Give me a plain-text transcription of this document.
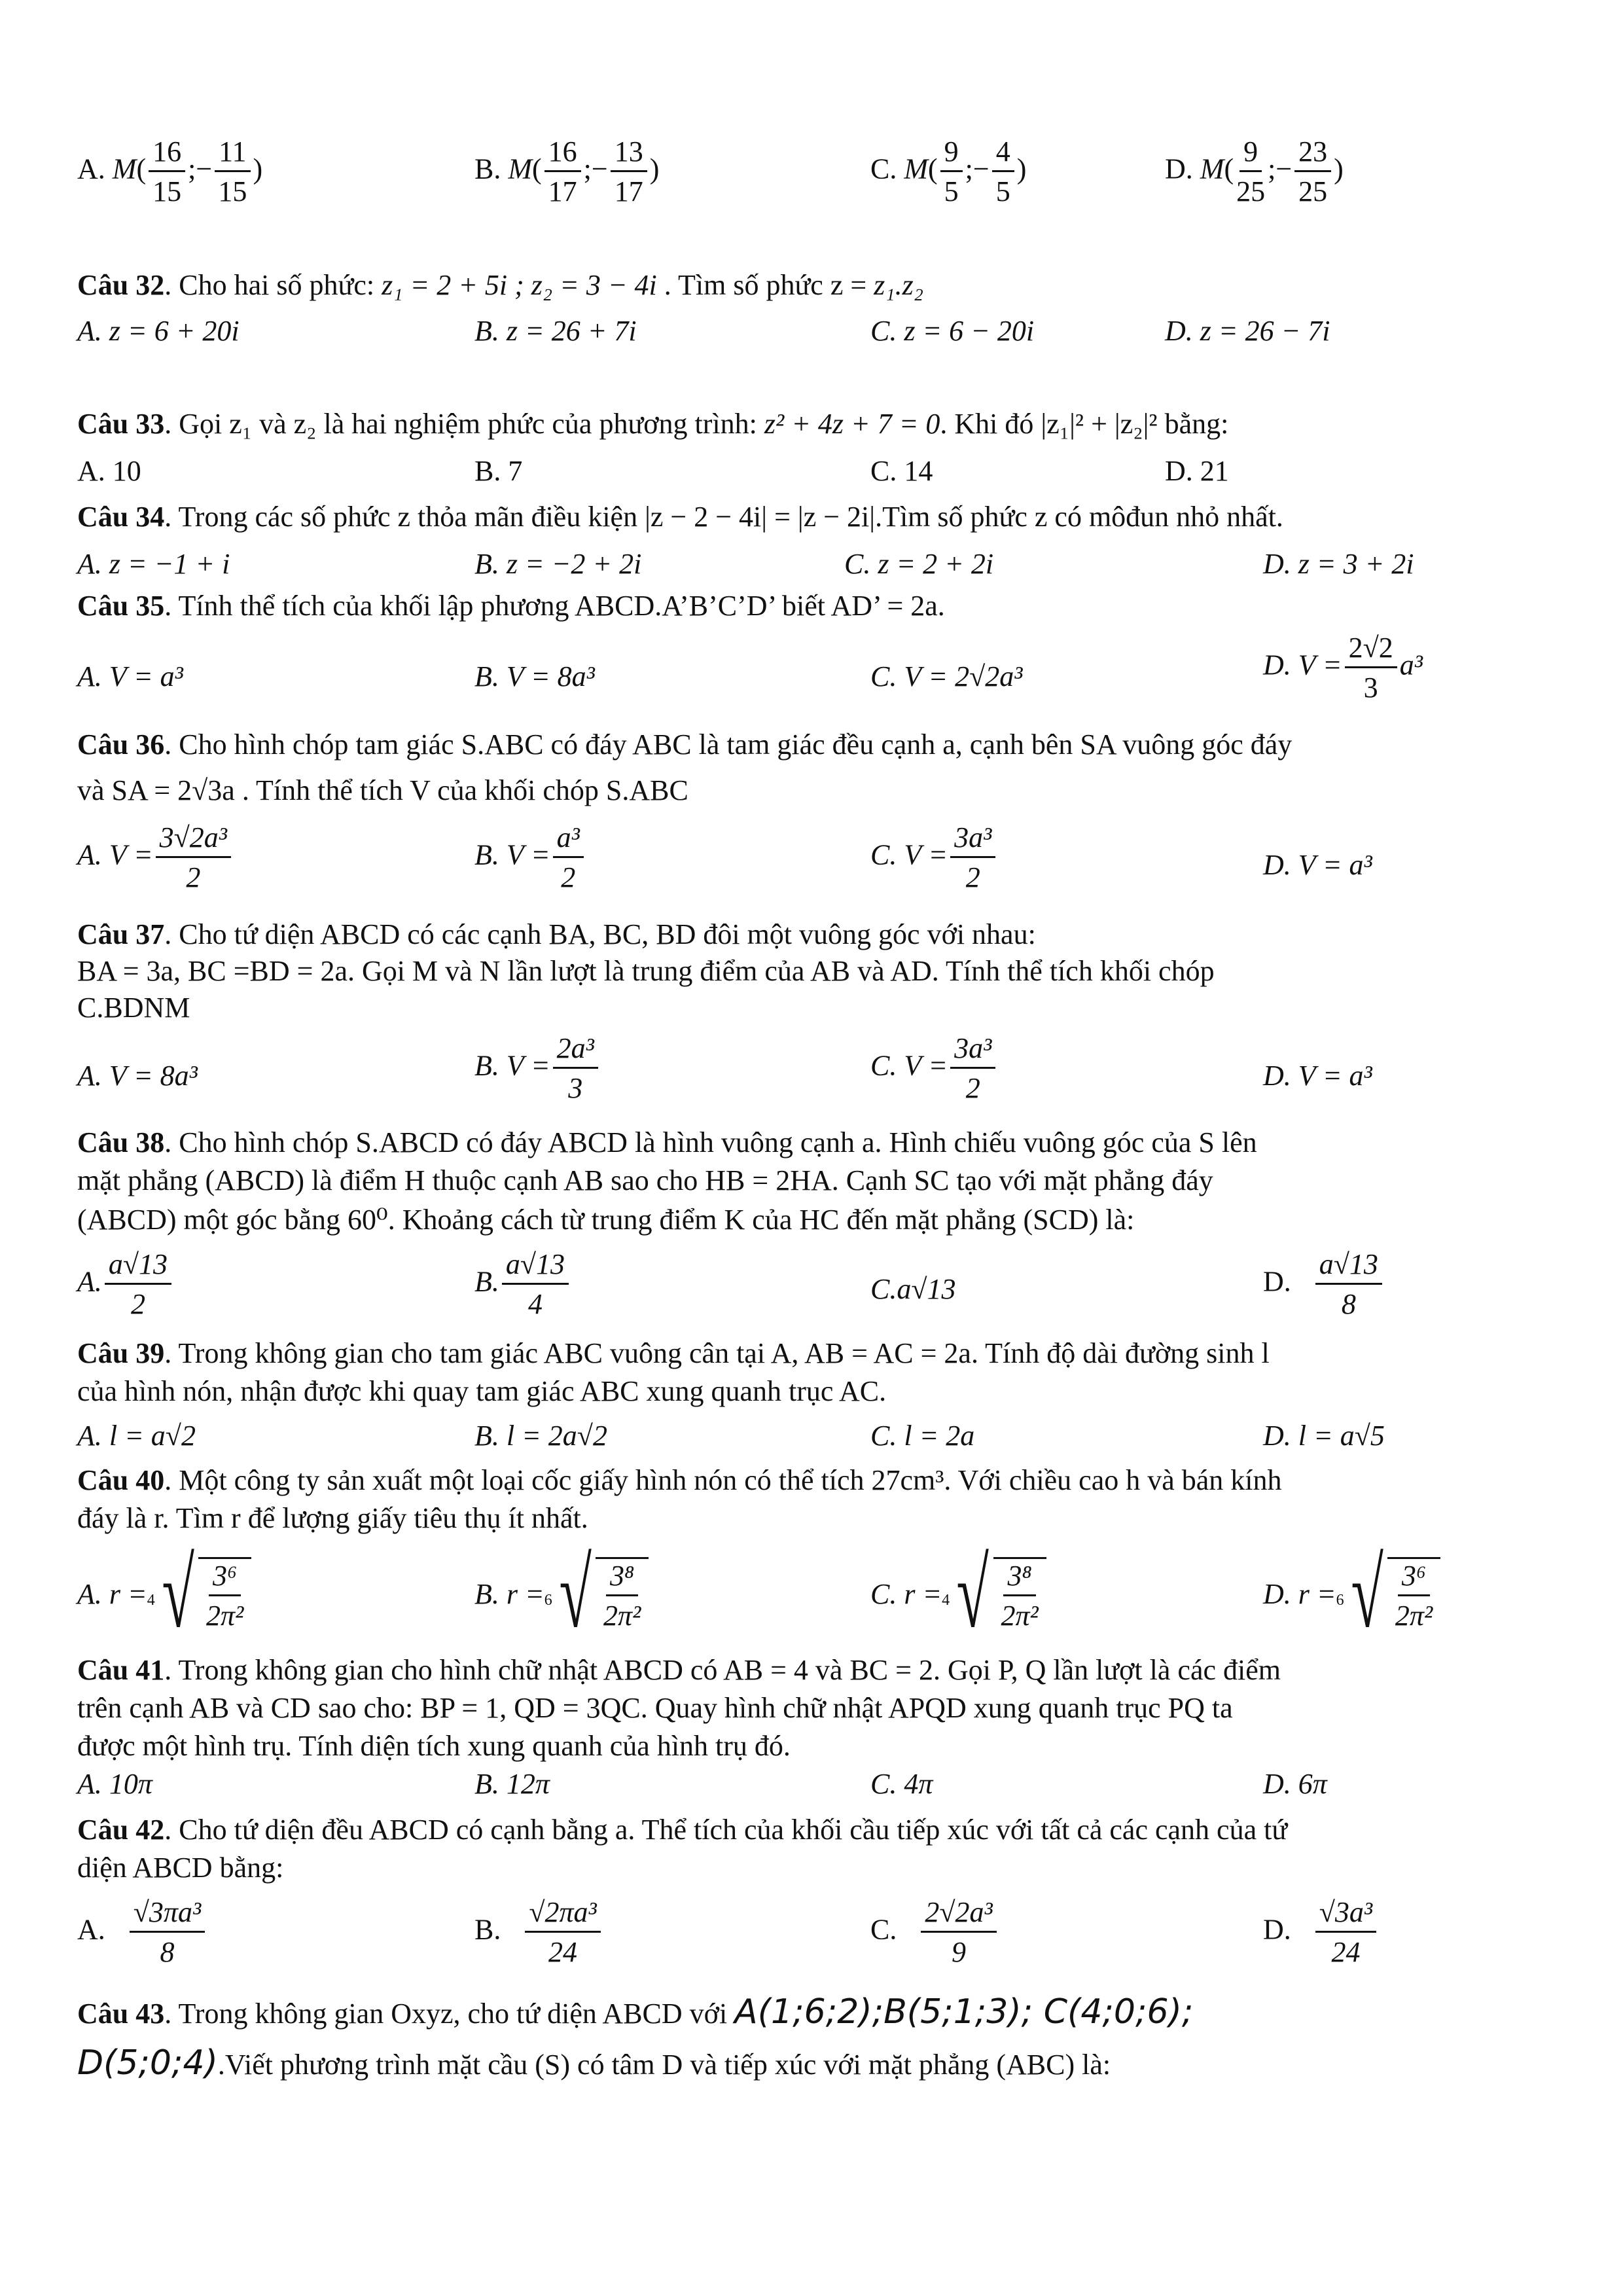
A. $M( \frac{16}{15}$ ;− $\frac{11}{15}$ )	B. $M( \frac{16}{17}$ ;− $\frac{13}{17}$ )	C. $M( \frac{9}{5}$ ;− $\frac{4}{5}$ )	D. $M( \frac{9}{25}$ ;− $\frac{23}{25}$ )
Câu 32. Cho hai số phức: z₁ = 2 + 5i ; z₂ = 3 − 4i . Tìm số phức z = z₁.z₂
A. z = 6 + 20i	B. z = 26 + 7i	C. z = 6 − 20i	D. z = 26 − 7i
Câu 33. Gọi z₁ và z₂ là hai nghiệm phức của phương trình: z² + 4z + 7 = 0. Khi đó |z₁|² + |z₂|² bằng:
A. 10	B. 7	C. 14	D. 21
Câu 34. Trong các số phức z thỏa mãn điều kiện |z − 2 − 4i| = |z − 2i|.Tìm số phức z có môđun nhỏ nhất.
A. z = −1 + i	B. z = −2 + 2i	C. z = 2 + 2i	D. z = 3 + 2i
Câu 35. Tính thể tích của khối lập phương ABCD.A’B’C’D’ biết AD’ = 2a.
A. V = a³	B. V = 8a³	C. V = 2√2a³	D. $V = \frac{2√2}{3} a^3$
Câu 36. Cho hình chóp tam giác S.ABC có đáy ABC là tam giác đều cạnh a, cạnh bên SA vuông góc đáy
và SA = 2√3a . Tính thể tích V của khối chóp S.ABC
A. $V = \frac{\text{3√2a³}}{2}$	B. $V = \frac{\text{a³}}{2}$	C. $V = \frac{\text{3a³}}{2}$	D. V = a³
Câu 37. Cho tứ diện ABCD có các cạnh BA, BC, BD đôi một vuông góc với nhau:
BA = 3a, BC =BD = 2a. Gọi M và N lần lượt là trung điểm của AB và AD. Tính thể tích khối chóp
C.BDNM
A. V = 8a³	B. $V = \frac{\text{2a³}}{3}$	C. $V = \frac{\text{3a³}}{2}$	D. V = a³
Câu 38. Cho hình chóp S.ABCD có đáy ABCD là hình vuông cạnh a. Hình chiếu vuông góc của S lên
mặt phẳng (ABCD) là điểm H thuộc cạnh AB sao cho HB = 2HA. Cạnh SC tạo với mặt phẳng đáy
(ABCD) một góc bằng 60⁰. Khoảng cách từ trung điểm K của HC đến mặt phẳng (SCD) là:
A. $\frac{a√13}{2}$	B. $\frac{a√13}{4}$	C.a√13	D. $\frac{a√13}{8}$
Câu 39. Trong không gian cho tam giác ABC vuông cân tại A, AB = AC = 2a. Tính độ dài đường sinh l
của hình nón, nhận được khi quay tam giác ABC xung quanh trục AC.
A. l = a√2	B. l = 2a√2	C. l = 2a	D. l = a√5
Câu 40. Một công ty sản xuất một loại cốc giấy hình nón có thể tích 27cm³. Với chiều cao h và bán kính
đáy là r. Tìm r để lượng giấy tiêu thụ ít nhất.
A. r = 4 √ $\frac{\text{3⁶}}{\text{2π²}}$	B. r = 6 √ $\frac{\text{3⁸}}{\text{2π²}}$	C. r = 4 √ $\frac{\text{3⁸}}{\text{2π²}}$	D. r = 6 √ $\frac{\text{3⁶}}{\text{2π²}}$
Câu 41. Trong không gian cho hình chữ nhật ABCD có AB = 4 và BC = 2. Gọi P, Q lần lượt là các điểm
trên cạnh AB và CD sao cho: BP = 1, QD = 3QC. Quay hình chữ nhật APQD xung quanh trục PQ ta
được một hình trụ. Tính diện tích xung quanh của hình trụ đó.
A. 10π	B. 12π	C. 4π	D. 6π
Câu 42. Cho tứ diện đều ABCD có cạnh bằng a. Thể tích của khối cầu tiếp xúc với tất cả các cạnh của tứ
diện ABCD bằng:
A. $\frac{\text{√3πa³}}{8}$	B. $\frac{\text{√2πa³}}{24}$	C. $\frac{\text{2√2a³}}{9}$	D. $\frac{\text{√3a³}}{24}$
Câu 43. Trong không gian Oxyz, cho tứ diện ABCD với A(1;6;2);B(5;1;3); C(4;0;6);
D(5;0;4).Viết phương trình mặt cầu (S) có tâm D và tiếp xúc với mặt phẳng (ABC) là:
